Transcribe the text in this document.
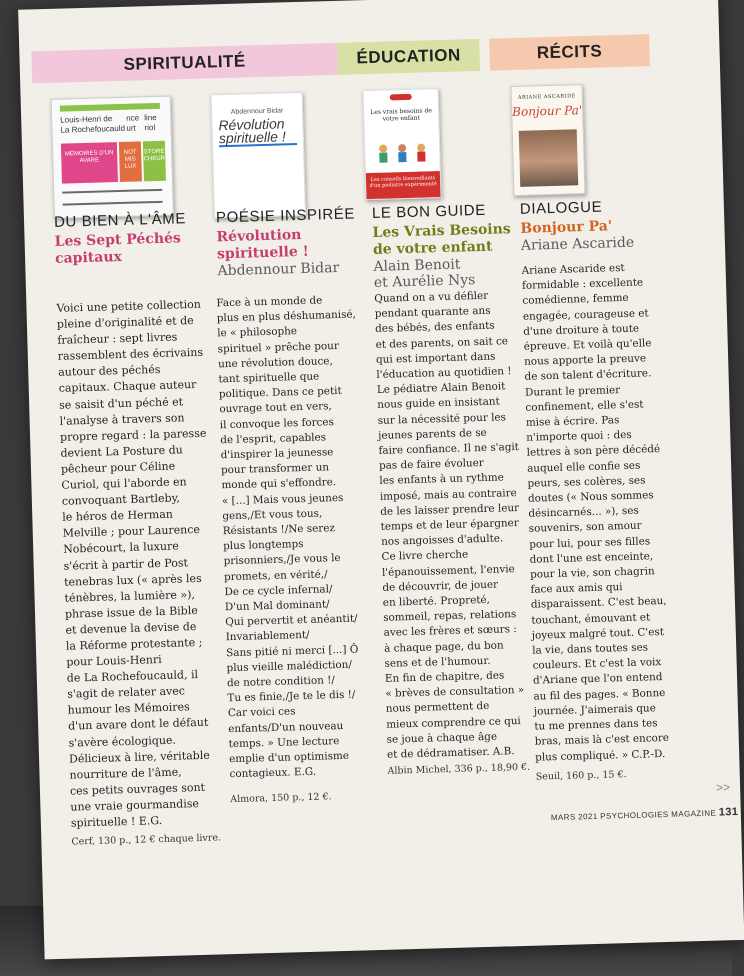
SPIRITUALITÉ	ÉDUCATION	RÉCITS
Louis-Henri de
La Rochefoucauld
nce
urt
line
riol
MÉMOIRES D'UN AVARE
NOT MIS LUX
STORE CHEUR
Abdennour Bidar
Révolution spirituelle !
Les vrais besoins de votre enfant
Les conseils bienveillants d'un pédiatre expérimenté
ARIANE ASCARIDE
Bonjour Pa'
DU BIEN À L'ÂME
Les Sept Péchés
capitaux
POÉSIE INSPIRÉE
Révolution
spirituelle !
Abdennour Bidar
LE BON GUIDE
Les Vrais Besoins
de votre enfant
Alain Benoit
et Aurélie Nys
DIALOGUE
Bonjour Pa'
Ariane Ascaride
Voici une petite collection
pleine d'originalité et de
fraîcheur : sept livres
rassemblent des écrivains
autour des péchés
capitaux. Chaque auteur
se saisit d'un péché et
l'analyse à travers son
propre regard : la paresse
devient La Posture du
pêcheur pour Céline
Curiol, qui l'aborde en
convoquant Bartleby,
le héros de Herman
Melville ; pour Laurence
Nobécourt, la luxure
s'écrit à partir de Post
tenebras lux (« après les
ténèbres, la lumière »),
phrase issue de la Bible
et devenue la devise de
la Réforme protestante ;
pour Louis-Henri
de La Rochefoucauld, il
s'agit de relater avec
humour les Mémoires
d'un avare dont le défaut
s'avère écologique.
Délicieux à lire, véritable
nourriture de l'âme,
ces petits ouvrages sont
une vraie gourmandise
spirituelle ! E.G.
Cerf, 130 p., 12 € chaque livre.
Face à un monde de
plus en plus déshumanisé,
le « philosophe
spirituel » prêche pour
une révolution douce,
tant spirituelle que
politique. Dans ce petit
ouvrage tout en vers,
il convoque les forces
de l'esprit, capables
d'inspirer la jeunesse
pour transformer un
monde qui s'effondre.
« [...] Mais vous jeunes
gens,/Et vous tous,
Résistants !/Ne serez
plus longtemps
prisonniers,/Je vous le
promets, en vérité,/
De ce cycle infernal/
D'un Mal dominant/
Qui pervertit et anéantit/
Invariablement/
Sans pitié ni merci [...] Ô
plus vieille malédiction/
de notre condition !/
Tu es finie,/Je te le dis !/
Car voici ces
enfants/D'un nouveau
temps. » Une lecture
emplie d'un optimisme
contagieux. E.G.
Almora, 150 p., 12 €.
Quand on a vu défiler
pendant quarante ans
des bébés, des enfants
et des parents, on sait ce
qui est important dans
l'éducation au quotidien !
Le pédiatre Alain Benoit
nous guide en insistant
sur la nécessité pour les
jeunes parents de se
faire confiance. Il ne s'agit
pas de faire évoluer
les enfants à un rythme
imposé, mais au contraire
de les laisser prendre leur
temps et de leur épargner
nos angoisses d'adulte.
Ce livre cherche
l'épanouissement, l'envie
de découvrir, de jouer
en liberté. Propreté,
sommeil, repas, relations
avec les frères et sœurs :
à chaque page, du bon
sens et de l'humour.
En fin de chapitre, des
« brèves de consultation »
nous permettent de
mieux comprendre ce qui
se joue à chaque âge
et de dédramatiser. A.B.
Albin Michel, 336 p., 18,90 €.
Ariane Ascaride est
formidable : excellente
comédienne, femme
engagée, courageuse et
d'une droiture à toute
épreuve. Et voilà qu'elle
nous apporte la preuve
de son talent d'écriture.
Durant le premier
confinement, elle s'est
mise à écrire. Pas
n'importe quoi : des
lettres à son père décédé
auquel elle confie ses
peurs, ses colères, ses
doutes (« Nous sommes
désincarnés... »), ses
souvenirs, son amour
pour lui, pour ses filles
dont l'une est enceinte,
pour la vie, son chagrin
face aux amis qui
disparaissent. C'est beau,
touchant, émouvant et
joyeux malgré tout. C'est
la vie, dans toutes ses
couleurs. Et c'est la voix
d'Ariane que l'on entend
au fil des pages. « Bonne
journée. J'aimerais que
tu me prennes dans tes
bras, mais là c'est encore
plus compliqué. » C.P.-D.
Seuil, 160 p., 15 €.
MARS 2021 PSYCHOLOGIES MAGAZINE 131
>>
